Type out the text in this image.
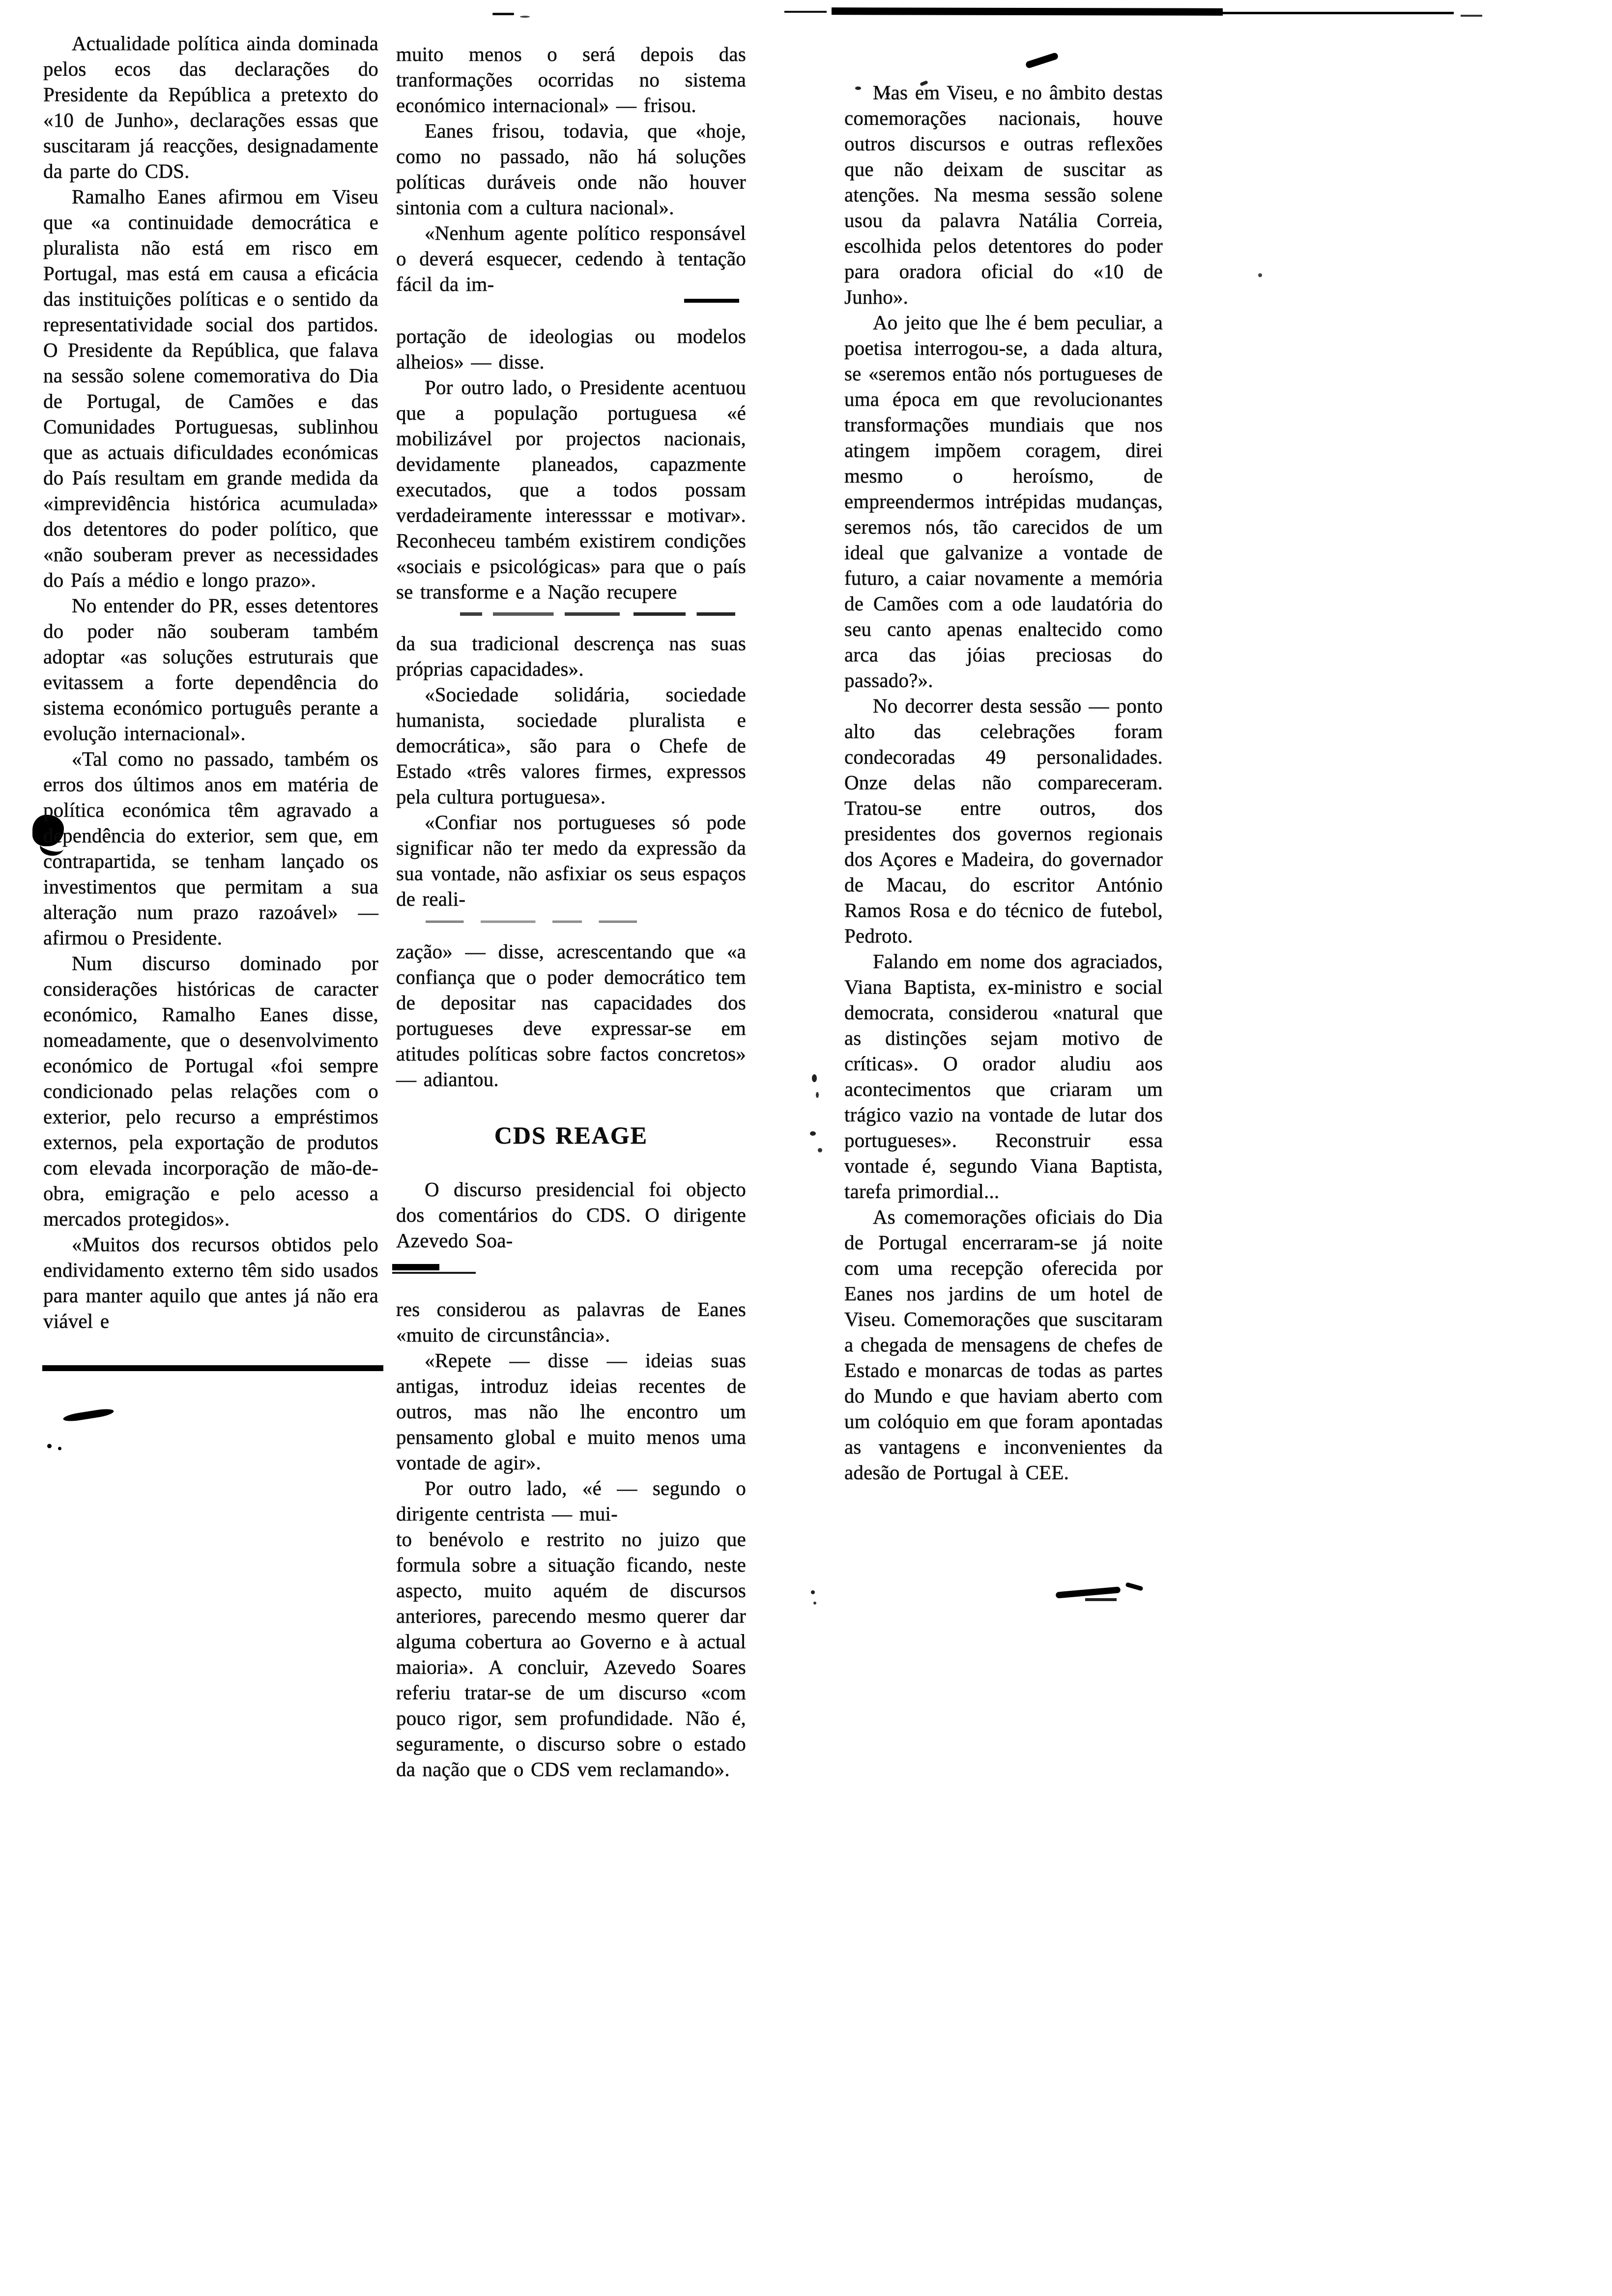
Actualidade política ainda dominada pelos ecos das declarações do Presidente da República a pretexto do «10 de Junho», declarações essas que suscitaram já reacções, designadamente da parte do CDS.

Ramalho Eanes afirmou em Viseu que «a continuidade democrática e pluralista não está em risco em Portugal, mas está em causa a eficácia das instituições políticas e o sentido da representatividade social dos partidos. O Presidente da República, que falava na sessão solene comemorativa do Dia de Portugal, de Camões e das Comunidades Portuguesas, sublinhou que as actuais dificuldades económicas do País resultam em grande medida da «imprevidência histórica acumulada» dos detentores do poder político, que «não souberam prever as necessidades do País a médio e longo prazo».

No entender do PR, esses detentores do poder não souberam também adoptar «as soluções estruturais que evitassem a forte dependência do sistema económico português perante a evolução internacional».

«Tal como no passado, também os erros dos últimos anos em matéria de política económica têm agravado a dependência do exterior, sem que, em contrapartida, se tenham lançado os investimentos que permitam a sua alteração num prazo razoável» — afirmou o Presidente.

Num discurso dominado por considerações históricas de caracter económico, Ramalho Eanes disse, nomeadamente, que o desenvolvimento económico de Portugal «foi sempre condicionado pelas relações com o exterior, pelo recurso a empréstimos externos, pela exportação de produtos com elevada incorporação de mão-de-obra, emigração e pelo acesso a mercados protegidos».

«Muitos dos recursos obtidos pelo endividamento externo têm sido usados para manter aquilo que antes já não era viável e

muito menos o será depois das tranformações ocorridas no sistema económico internacional» — frisou.

Eanes frisou, todavia, que «hoje, como no passado, não há soluções políticas duráveis onde não houver sintonia com a cultura nacional».

«Nenhum agente político responsável o deverá esquecer, cedendo à tentação fácil da im-

portação de ideologias ou modelos alheios» — disse.

Por outro lado, o Presidente acentuou que a população portuguesa «é mobilizável por projectos nacionais, devidamente planeados, capazmente executados, que a todos possam verdadeiramente interesssar e motivar». Reconheceu também existirem condições «sociais e psicológicas» para que o país se transforme e a Nação recupere

da sua tradicional descrença nas suas próprias capacidades».

«Sociedade solidária, sociedade humanista, sociedade pluralista e democrática», são para o Chefe de Estado «três valores firmes, expressos pela cultura portuguesa».

«Confiar nos portugueses só pode significar não ter medo da expressão da sua vontade, não asfixiar os seus espaços de reali-

zação» — disse, acrescentando que «a confiança que o poder democrático tem de depositar nas capacidades dos portugueses deve expressar-se em atitudes políticas sobre factos concretos» — adiantou.

CDS REAGE

O discurso presidencial foi objecto dos comentários do CDS. O dirigente Azevedo Soa-

res considerou as palavras de Eanes «muito de circunstância».

«Repete — disse — ideias suas antigas, introduz ideias recentes de outros, mas não lhe encontro um pensamento global e muito menos uma vontade de agir».

Por outro lado, «é — segundo o dirigente centrista — mui-

to benévolo e restrito no juizo que formula sobre a situação ficando, neste aspecto, muito aquém de discursos anteriores, parecendo mesmo querer dar alguma cobertura ao Governo e à actual maioria». A concluir, Azevedo Soares referiu tratar-se de um discurso «com pouco rigor, sem profundidade. Não é, seguramente, o discurso sobre o estado da nação que o CDS vem reclamando».

Mas em Viseu, e no âmbito destas comemorações nacionais, houve outros discursos e outras reflexões que não deixam de suscitar as atenções. Na mesma sessão solene usou da palavra Natália Correia, escolhida pelos detentores do poder para oradora oficial do «10 de Junho».

Ao jeito que lhe é bem peculiar, a poetisa interrogou-se, a dada altura, se «seremos então nós portugueses de uma época em que revolucionantes transformações mundiais que nos atingem impõem coragem, direi mesmo o heroísmo, de empreendermos intrépidas mudanças, seremos nós, tão carecidos de um ideal que galvanize a vontade de futuro, a caiar novamente a memória de Camões com a ode laudatória do seu canto apenas enaltecido como arca das jóias preciosas do passado?».

No decorrer desta sessão — ponto alto das celebrações foram condecoradas 49 personalidades. Onze delas não compareceram. Tratou-se entre outros, dos presidentes dos governos regionais dos Açores e Madeira, do governador de Macau, do escritor António Ramos Rosa e do técnico de futebol, Pedroto.

Falando em nome dos agraciados, Viana Baptista, ex-ministro e social democrata, considerou «natural que as distinções sejam motivo de críticas». O orador aludiu aos acontecimentos que criaram um trágico vazio na vontade de lutar dos portugueses». Reconstruir essa vontade é, segundo Viana Baptista, tarefa primordial...

As comemorações oficiais do Dia de Portugal encerraram-se já noite com uma recepção oferecida por Eanes nos jardins de um hotel de Viseu. Comemorações que suscitaram a chegada de mensagens de chefes de Estado e monarcas de todas as partes do Mundo e que haviam aberto com um colóquio em que foram apontadas as vantagens e inconvenientes da adesão de Portugal à CEE.
